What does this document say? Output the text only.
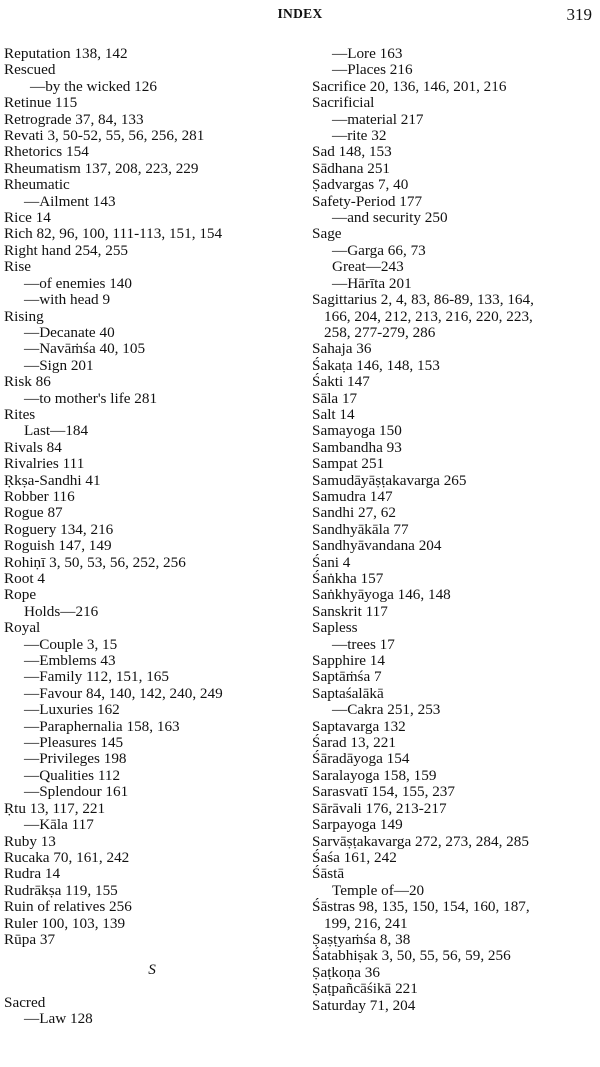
INDEX	319
Reputation 138, 142
Rescued
—by the wicked 126
Retinue 115
Retrograde 37, 84, 133
Revati 3, 50-52, 55, 56, 256, 281
Rhetorics 154
Rheumatism 137, 208, 223, 229
Rheumatic
—Ailment 143
Rice 14
Rich 82, 96, 100, 111-113, 151, 154
Right hand 254, 255
Rise
—of enemies 140
—with head 9
Rising
—Decanate 40
—Navāṁśa 40, 105
—Sign 201
Risk 86
—to mother's life 281
Rites
Last—184
Rivals 84
Rivalries 111
Ṛkṣa-Sandhi 41
Robber 116
Rogue 87
Roguery 134, 216
Roguish 147, 149
Rohiṇī 3, 50, 53, 56, 252, 256
Root 4
Rope
Holds—216
Royal
—Couple 3, 15
—Emblems 43
—Family 112, 151, 165
—Favour 84, 140, 142, 240, 249
—Luxuries 162
—Paraphernalia 158, 163
—Pleasures 145
—Privileges 198
—Qualities 112
—Splendour 161
Ṛtu 13, 117, 221
—Kāla 117
Ruby 13
Rucaka 70, 161, 242
Rudra 14
Rudrākṣa 119, 155
Ruin of relatives 256
Ruler 100, 103, 139
Rūpa 37
S
Sacred
—Law 128
—Lore 163
—Places 216
Sacrifice 20, 136, 146, 201, 216
Sacrificial
—material 217
—rite 32
Sad 148, 153
Sādhana 251
Ṣadvargas 7, 40
Safety-Period 177
—and security 250
Sage
—Garga 66, 73
Great—243
—Hārīta 201
Sagittarius 2, 4, 83, 86-89, 133, 164,
166, 204, 212, 213, 216, 220, 223,
258, 277-279, 286
Sahaja 36
Śakaṭa 146, 148, 153
Śakti 147
Sāla 17
Salt 14
Samayoga 150
Sambandha 93
Sampat 251
Samudāyāṣṭakavarga 265
Samudra 147
Sandhi 27, 62
Sandhyākāla 77
Sandhyāvandana 204
Śani 4
Śaṅkha 157
Saṅkhyāyoga 146, 148
Sanskrit 117
Sapless
—trees 17
Sapphire 14
Saptāṁśa 7
Saptaśalākā
—Cakra 251, 253
Saptavarga 132
Śarad 13, 221
Śāradāyoga 154
Saralayoga 158, 159
Sarasvatī 154, 155, 237
Sārāvali 176, 213-217
Sarpayoga 149
Sarvāṣṭakavarga 272, 273, 284, 285
Śaśa 161, 242
Śāstā
Temple of—20
Śāstras 98, 135, 150, 154, 160, 187,
199, 216, 241
Ṣaṣṭyaṁśa 8, 38
Śatabhiṣak 3, 50, 55, 56, 59, 256
Ṣaṭkoṇa 36
Ṣaṭpañcāśikā 221
Saturday 71, 204
